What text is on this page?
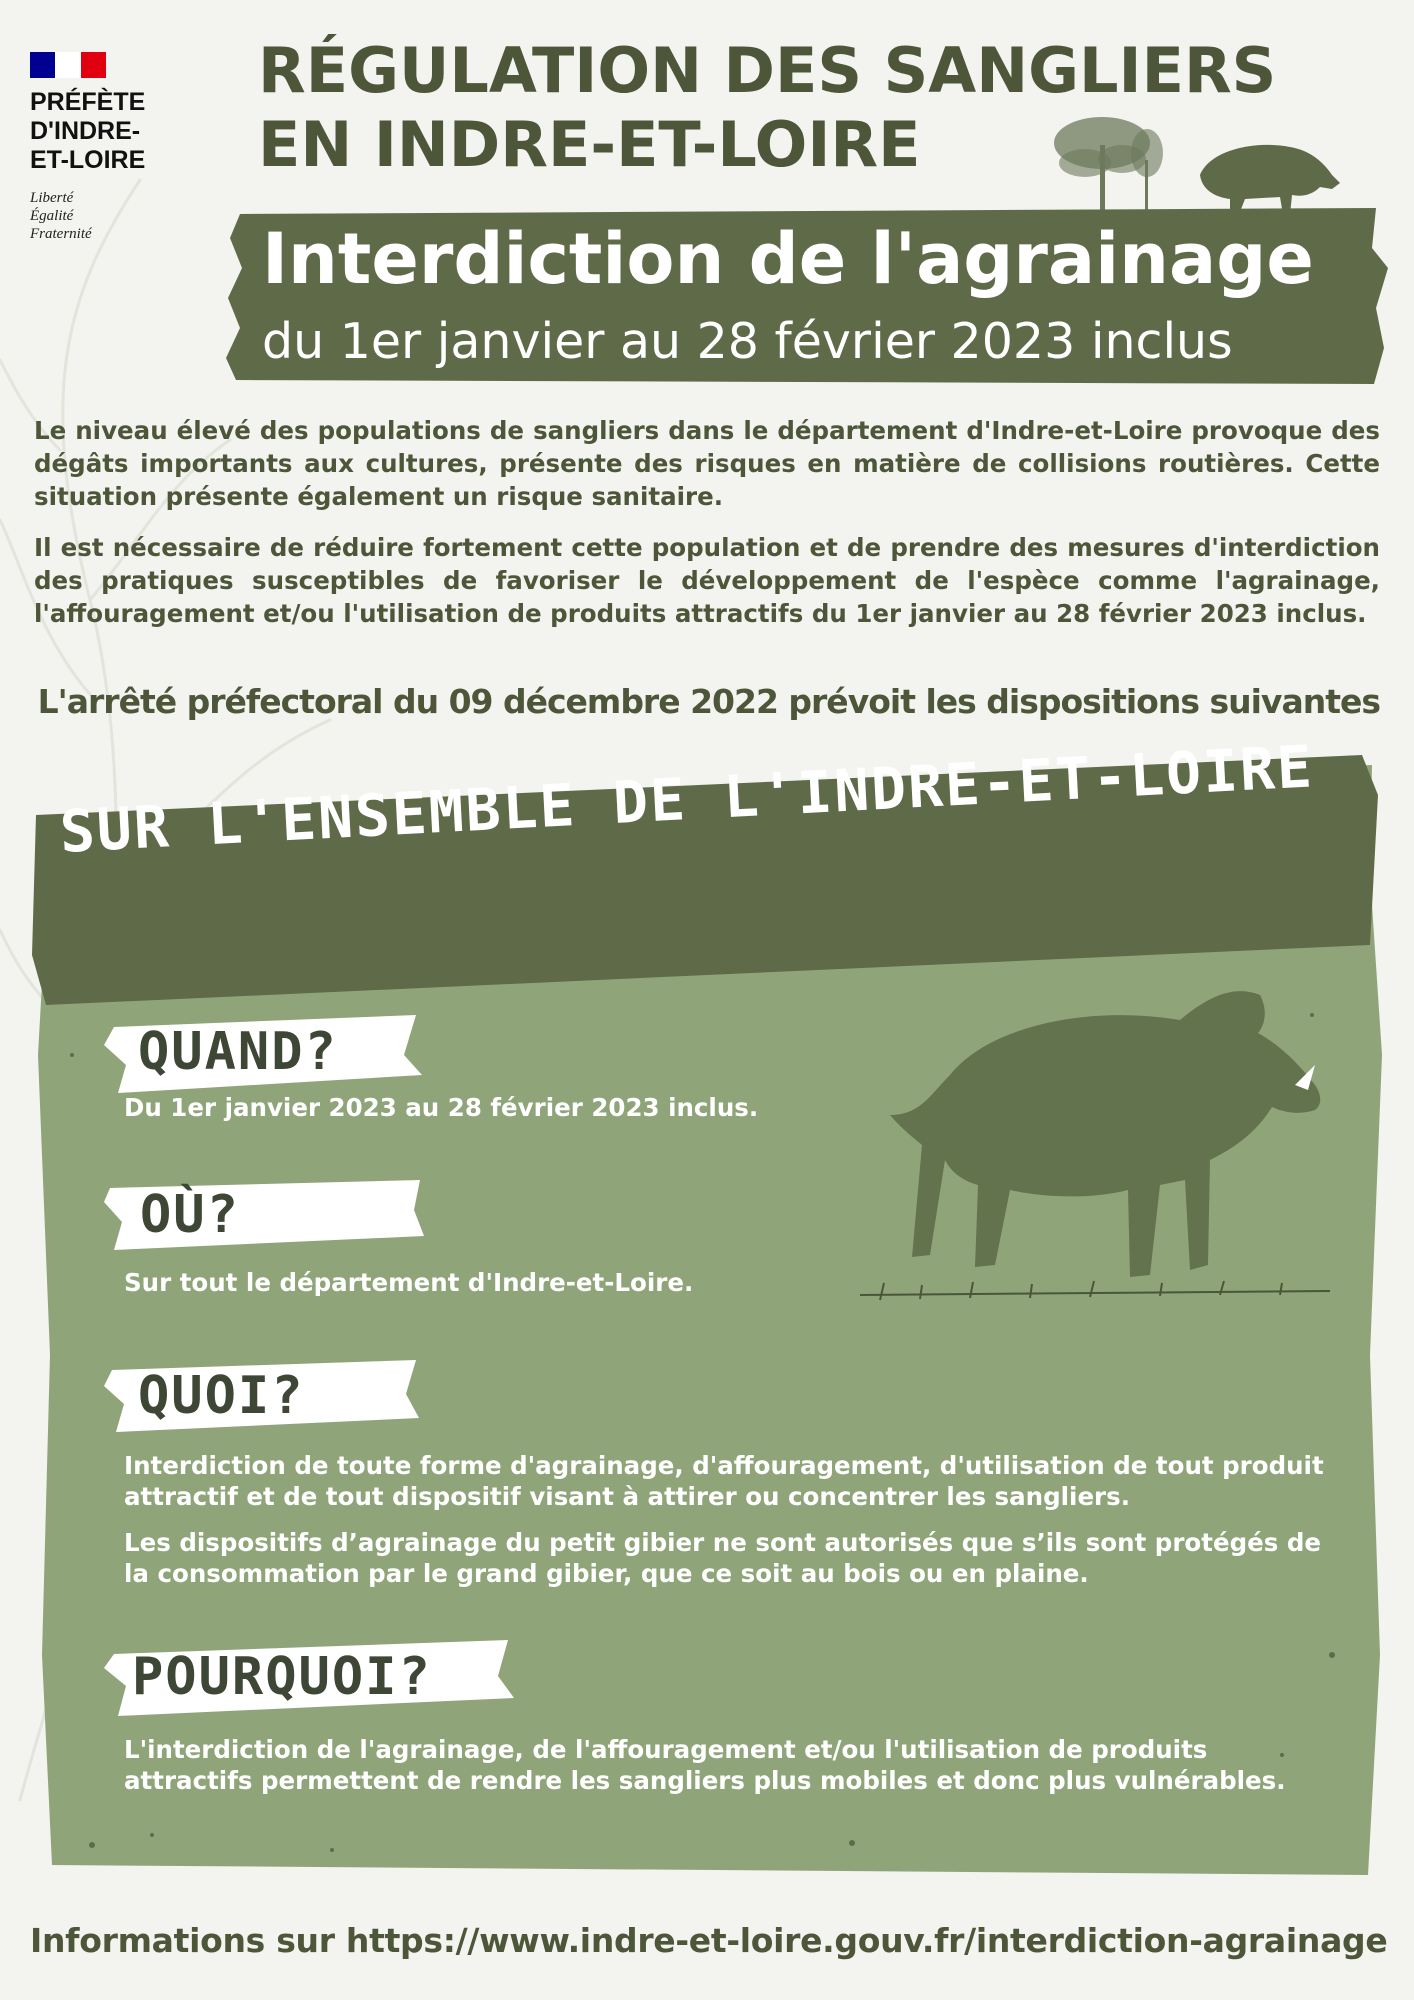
PRÉFÈTE
D'INDRE-
ET-LOIRE
Liberté
Égalité
Fraternité
RÉGULATION DES SANGLIERS
EN INDRE-ET-LOIRE
Interdiction de l'agrainage

du 1er janvier au 28 février 2023 inclus

Le niveau élevé des populations de sangliers dans le département d'Indre-et-Loire provoque des dégâts importants aux cultures, présente des risques en matière de collisions routières. Cette situation présente également un risque sanitaire.

Il est nécessaire de réduire fortement cette population et de prendre des mesures d'interdiction des pratiques susceptibles de favoriser le développement de l'espèce comme l'agrainage, l'affouragement et/ou l'utilisation de produits attractifs du 1er janvier au 28 février 2023 inclus.

L'arrêté préfectoral du 09 décembre 2022 prévoit les dispositions suivantes

SUR L'ENSEMBLE DE L'INDRE-ET-LOIRE
QUAND?

Du 1er janvier 2023 au 28 février 2023 inclus.

OÙ?

Sur tout le département d'Indre-et-Loire.

QUOI?

Interdiction de toute forme d'agrainage, d'affouragement, d'utilisation de tout produit attractif et de tout dispositif visant à attirer ou concentrer les sangliers.

Les dispositifs d’agrainage du petit gibier ne sont autorisés que s’ils sont protégés de la consommation par le grand gibier, que ce soit au bois ou en plaine.

POURQUOI?

L'interdiction de l'agrainage, de l'affouragement et/ou l'utilisation de produits attractifs permettent de rendre les sangliers plus mobiles et donc plus vulnérables.

Informations sur https://www.indre-et-loire.gouv.fr/interdiction-agrainage
